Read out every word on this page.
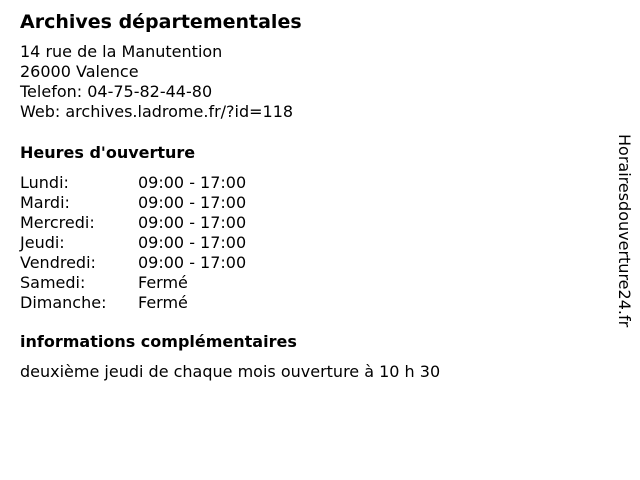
Archives départementales
14 rue de la Manutention
26000 Valence
Telefon: 04-75-82-44-80
Web: archives.ladrome.fr/?id=118
Heures d'ouverture
Lundi:	09:00 - 17:00
Mardi:	09:00 - 17:00
Mercredi:	09:00 - 17:00
Jeudi:	09:00 - 17:00
Vendredi:	09:00 - 17:00
Samedi:	Fermé
Dimanche:	Fermé
informations complémentaires
deuxième jeudi de chaque mois ouverture à 10 h 30
Horairesdouverture24.fr
